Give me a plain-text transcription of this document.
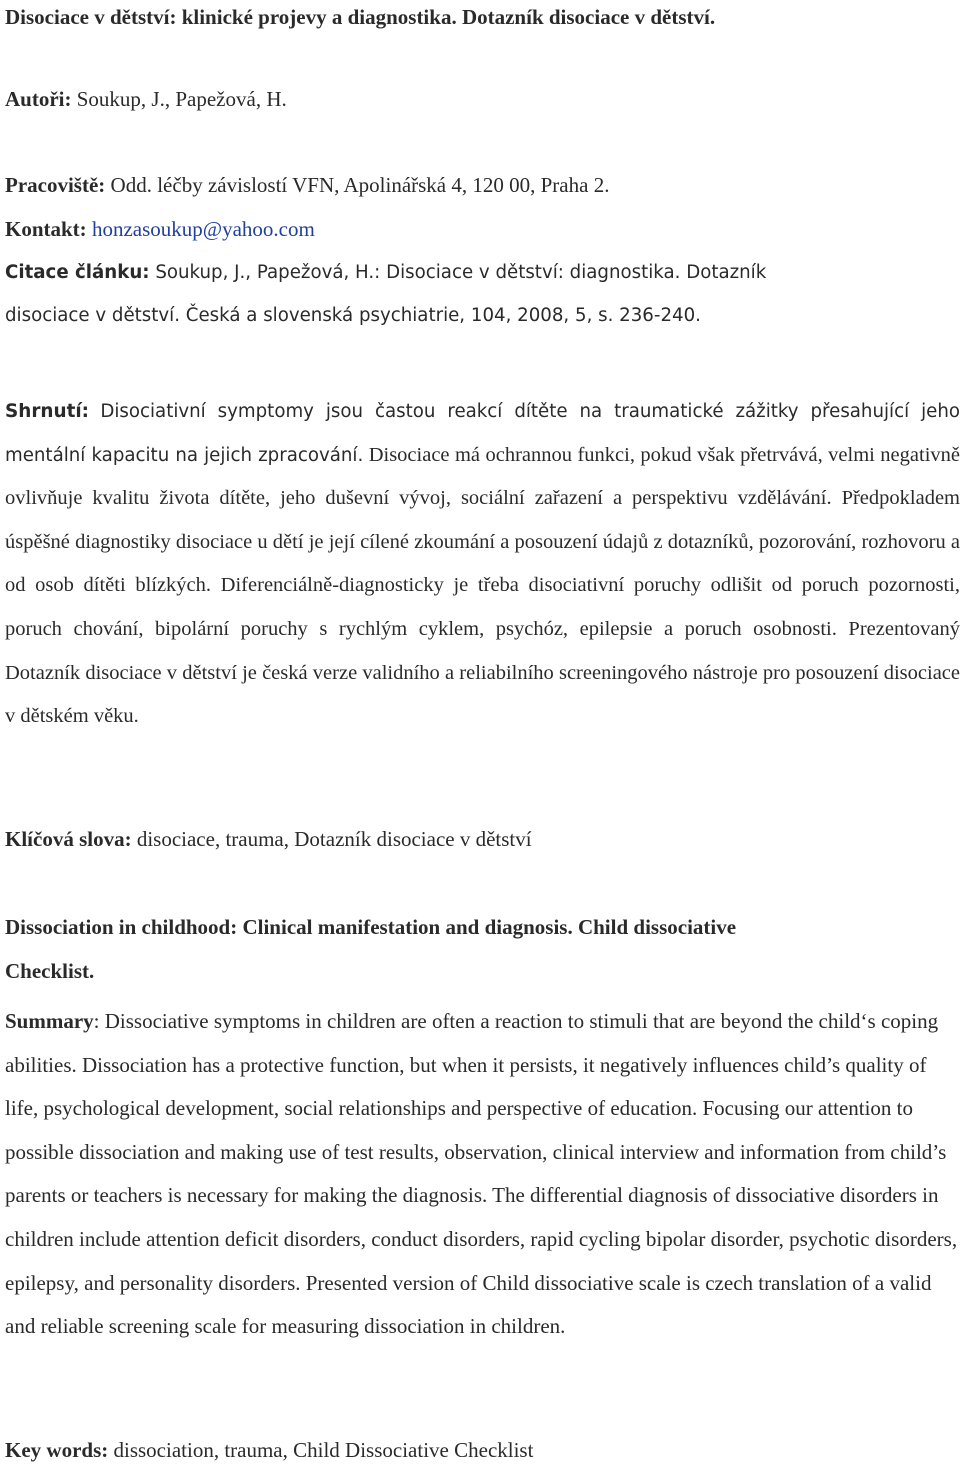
Disociace v dětství: klinické projevy a diagnostika. Dotazník disociace v dětství.
Autoři: Soukup, J., Papežová, H.
Pracoviště: Odd. léčby závislostí VFN, Apolinářská 4, 120 00, Praha 2.
Kontakt: honzasoukup@yahoo.com
Citace článku: Soukup, J., Papežová, H.: Disociace v dětství: diagnostika. Dotazník
disociace v dětství. Česká a slovenská psychiatrie, 104, 2008, 5, s. 236-240.

Shrnutí: Disociativní symptomy jsou častou reakcí dítěte na traumatické zážitky přesahující jeho mentální kapacitu na jejich zpracování. Disociace má ochrannou funkci, pokud však přetrvává, velmi negativně ovlivňuje kvalitu života dítěte, jeho duševní vývoj, sociální zařazení a perspektivu vzdělávání. Předpokladem úspěšné diagnostiky disociace u dětí je její cílené zkoumání a posouzení údajů z dotazníků, pozorování, rozhovoru a od osob dítěti blízkých. Diferenciálně-diagnosticky je třeba disociativní poruchy odlišit od poruch pozornosti, poruch chování, bipolární poruchy s rychlým cyklem, psychóz, epilepsie a poruch osobnosti. Prezentovaný Dotazník disociace v dětství je česká verze validního a reliabilního screeningového nástroje pro posouzení disociace v dětském věku.

Klíčová slova: disociace, trauma, Dotazník disociace v dětství
Dissociation in childhood: Clinical manifestation and diagnosis. Child dissociative
Checklist.

Summary: Dissociative symptoms in children are often a reaction to stimuli that are beyond the child‘s coping abilities. Dissociation has a protective function, but when it persists, it negatively influences child’s quality of life, psychological development, social relationships and perspective of education. Focusing our attention to possible dissociation and making use of test results, observation, clinical interview and information from child’s parents or teachers is necessary for making the diagnosis. The differential diagnosis of dissociative disorders in children include attention deficit disorders, conduct disorders, rapid cycling bipolar disorder, psychotic disorders, epilepsy, and personality disorders. Presented version of Child dissociative scale is czech translation of a valid and reliable screening scale for measuring dissociation in children.

Key words: dissociation, trauma, Child Dissociative Checklist
